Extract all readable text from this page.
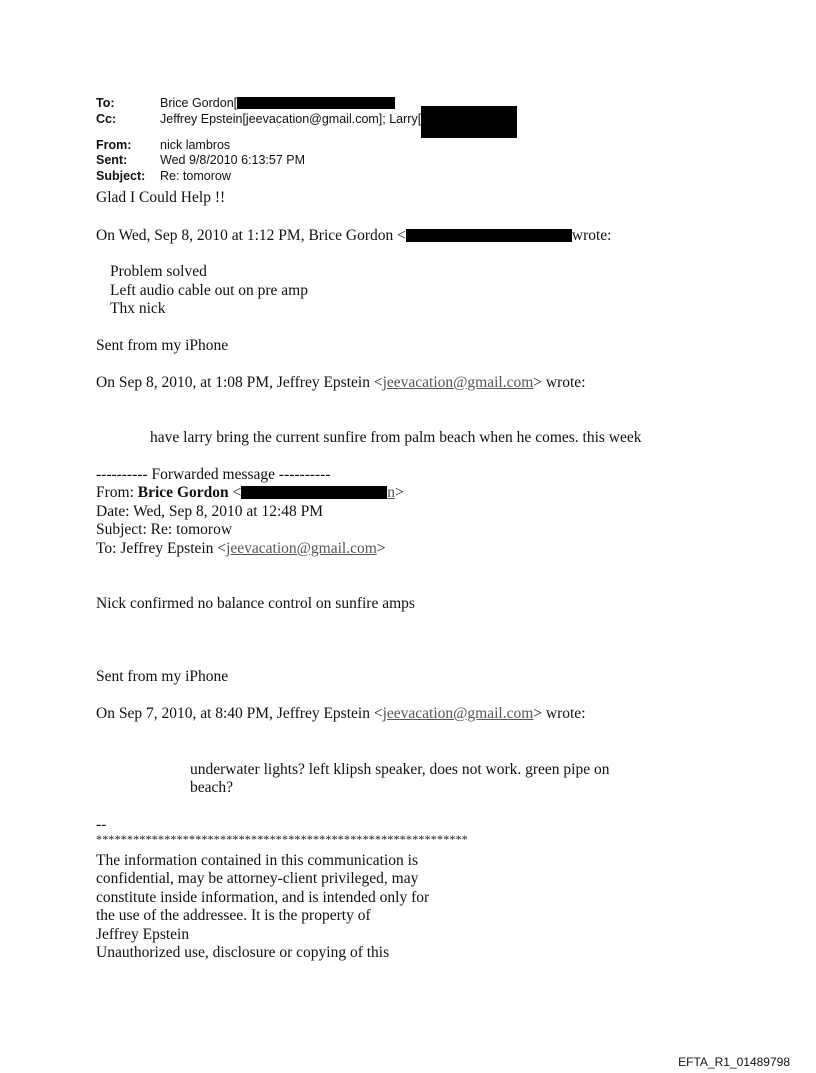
To:	Brice Gordon[
Cc:	Jeffrey Epstein[jeevacation@gmail.com]; Larry[
From:	nick lambros
Sent:	Wed 9/8/2010 6:13:57 PM
Subject:	Re: tomorow
Glad I Could Help !!
On Wed, Sep 8, 2010 at 1:12 PM, Brice Gordon <	wrote:
Problem solved
Left audio cable out on pre amp
Thx nick
Sent from my iPhone
On Sep 8, 2010, at 1:08 PM, Jeffrey Epstein <jeevacation@gmail.com> wrote:
have larry bring the current sunfire from palm beach when he comes. this week
---------- Forwarded message ----------
From: Brice Gordon <	n>
Date: Wed, Sep 8, 2010 at 12:48 PM
Subject: Re: tomorow
To: Jeffrey Epstein <jeevacation@gmail.com>
Nick confirmed no balance control on sunfire amps
Sent from my iPhone
On Sep 7, 2010, at 8:40 PM, Jeffrey Epstein <jeevacation@gmail.com> wrote:
underwater lights? left klipsh speaker, does not work. green pipe on
beach?
--
************************************************************
The information contained in this communication is
confidential, may be attorney-client privileged, may
constitute inside information, and is intended only for
the use of the addressee. It is the property of
Jeffrey Epstein
Unauthorized use, disclosure or copying of this
EFTA_R1_01489798
